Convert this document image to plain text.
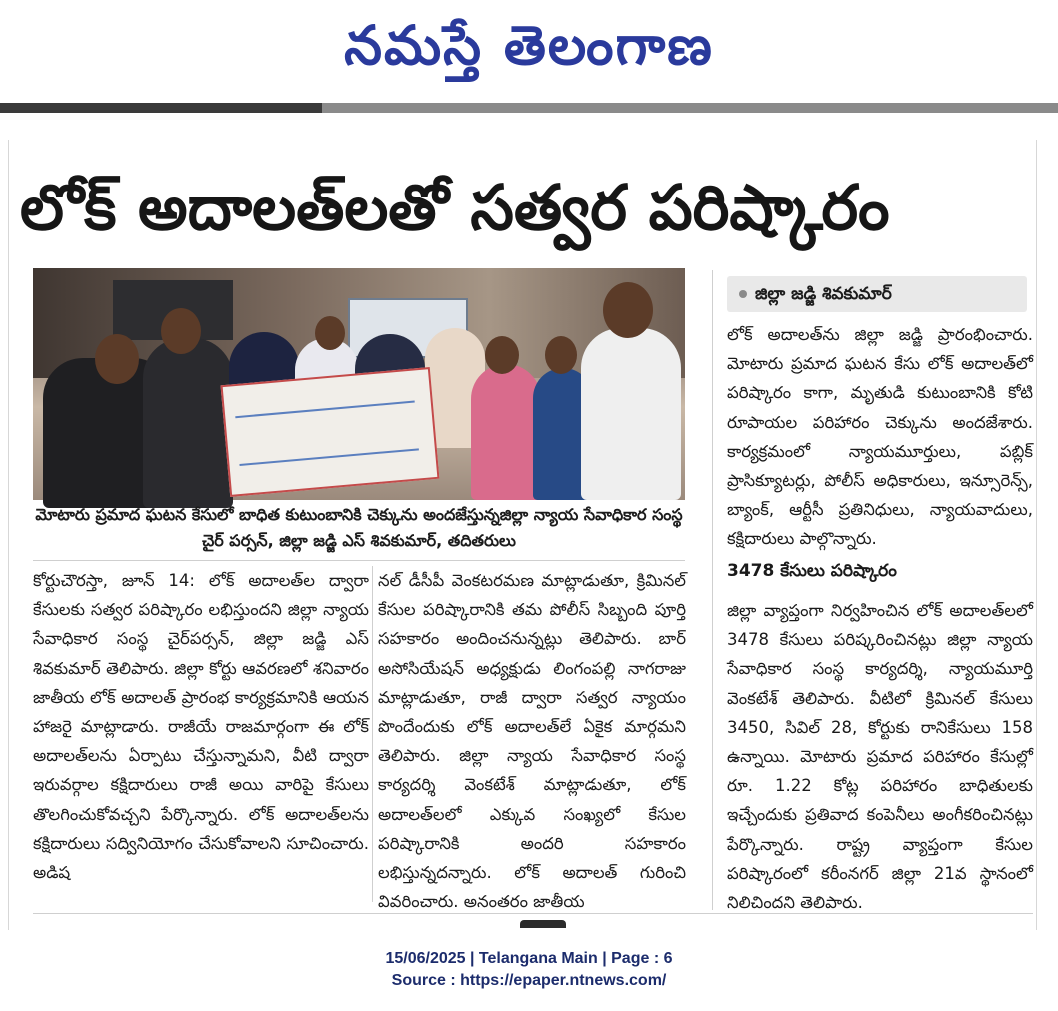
నమస్తే తెలంగాణ
లోక్ అదాలత్‌లతో సత్వర పరిష్కారం
మోటారు ప్రమాద ఘటన కేసులో బాధిత కుటుంబానికి చెక్కును అందజేస్తున్నజిల్లా న్యాయ సేవాధికార సంస్థ చైర్ పర్సన్, జిల్లా జడ్జి ఎస్ శివకుమార్, తదితరులు
కోర్టుచౌరస్తా, జూన్ 14: లోక్ అదాలత్‌ల ద్వారా కేసులకు సత్వర పరిష్కారం లభిస్తుందని జిల్లా న్యాయ సేవాధికార సంస్థ చైర్‌పర్సన్, జిల్లా జడ్జి ఎస్ శివకుమార్ తెలిపారు. జిల్లా కోర్టు ఆవరణలో శనివారం జాతీయ లోక్ అదాలత్ ప్రారంభ కార్యక్రమానికి ఆయన హాజరై మాట్లాడారు. రాజీయే రాజమార్గంగా ఈ లోక్ అదాలత్‌లను ఏర్పాటు చేస్తున్నామని, వీటి ద్వారా ఇరువర్గాల కక్షిదారులు రాజీ అయి వారిపై కేసులు తొలగించుకోవచ్చని పేర్కొన్నారు. లోక్ అదాలత్‌లను కక్షిదారులు సద్వినియోగం చేసుకోవాలని సూచించారు. అడిష
నల్ డీసీపీ వెంకటరమణ మాట్లాడుతూ, క్రిమినల్ కేసుల పరిష్కారానికి తమ పోలీస్ సిబ్బంది పూర్తి సహకారం అందించనున్నట్లు తెలిపారు. బార్ అసోసియేషన్ అధ్యక్షుడు లింగంపల్లి నాగరాజు మాట్లాడుతూ, రాజీ ద్వారా సత్వర న్యాయం పొందేందుకు లోక్ అదాలత్‌లే ఏకైక మార్గమని తెలిపారు. జిల్లా న్యాయ సేవాధికార సంస్థ కార్యదర్శి వెంకటేశ్ మాట్లాడుతూ, లోక్ అదాలత్‌లలో ఎక్కువ సంఖ్యలో కేసుల పరిష్కారానికి అందరి సహకారం లభిస్తున్నదన్నారు. లోక్ అదాలత్ గురించి వివరించారు. అనంతరం జాతీయ
జిల్లా జడ్జి శివకుమార్
లోక్ అదాలత్‌ను జిల్లా జడ్జి ప్రారంభించారు. మోటారు ప్రమాద ఘటన కేసు లోక్ అదాలత్‌లో పరిష్కారం కాగా, మృతుడి కుటుంబానికి కోటి రూపాయల పరిహారం చెక్కును అందజేశారు. కార్యక్రమంలో న్యాయమూర్తులు, పబ్లిక్ ప్రాసిక్యూటర్లు, పోలీస్ అధికారులు, ఇన్సూరెన్స్, బ్యాంక్, ఆర్టీసీ ప్రతినిధులు, న్యాయవాదులు, కక్షిదారులు పాల్గొన్నారు.
3478 కేసులు పరిష్కారం
జిల్లా వ్యాప్తంగా నిర్వహించిన లోక్ అదాలత్‌లలో 3478 కేసులు పరిష్కరించినట్లు జిల్లా న్యాయ సేవాధికార సంస్థ కార్యదర్శి, న్యాయమూర్తి వెంకటేశ్ తెలిపారు. వీటిలో క్రిమినల్ కేసులు 3450, సివిల్ 28, కోర్టుకు రానికేసులు 158 ఉన్నాయి. మోటారు ప్రమాద పరిహారం కేసుల్లో రూ. 1.22 కోట్ల పరిహారం బాధితులకు ఇచ్చేందుకు ప్రతివాద కంపెనీలు అంగీకరించినట్లు పేర్కొన్నారు. రాష్ట్ర వ్యాప్తంగా కేసుల పరిష్కారంలో కరీంనగర్ జిల్లా 21వ స్థానంలో నిలిచిందని తెలిపారు.
15/06/2025 | Telangana Main | Page : 6
Source : https://epaper.ntnews.com/
